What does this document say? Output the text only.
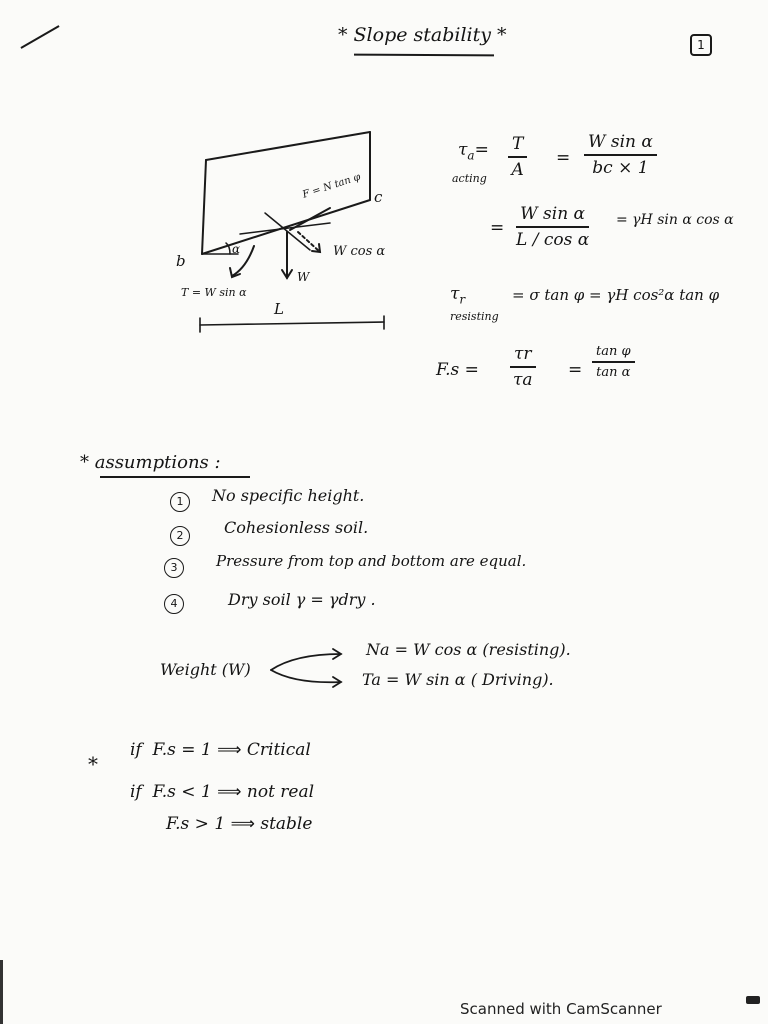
* Slope stability *	1
b
c
α
F = N tan φ
T = W sin α
W
W cos α
L
$\tau_a=$
acting
T
A
=
W sin α
bc × 1
=
W sin α
L / cos α
= γH sin α cos α
$\tau_r$
resisting
= σ tan φ = γH cos²α tan φ
F.s =
τr
τa =
tan φ
tan α
* assumptions :
1	No specific height.
2	Cohesionless soil.
3	Pressure from top and bottom are equal.
4	Dry soil γ = γdry .
Weight (W)
Na = W cos α (resisting).
Ta = W sin α ( Driving).
*
if F.s = 1 ⟹ Critical
if F.s < 1 ⟹ not real
F.s > 1 ⟹ stable
Scanned with CamScanner
